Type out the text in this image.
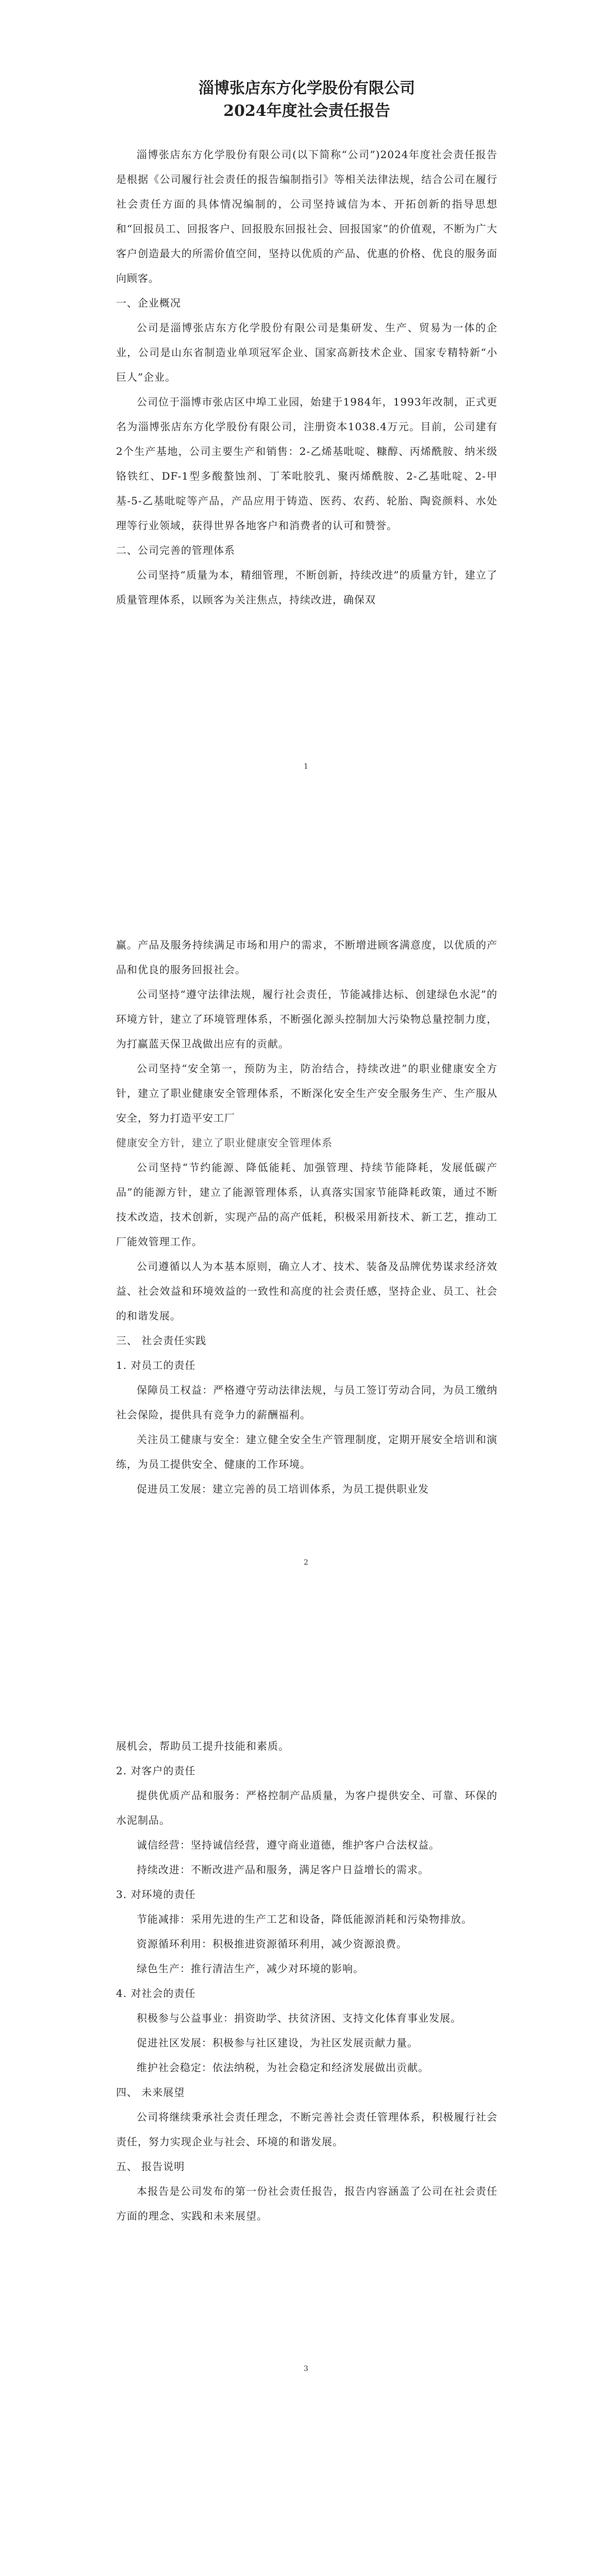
淄博张店东方化学股份有限公司

2024年度社会责任报告

淄博张店东方化学股份有限公司(以下简称“公司”)2024年度社会责任报告是根据《公司履行社会责任的报告编制指引》等相关法律法规，结合公司在履行社会责任方面的具体情况编制的，公司坚持诚信为本、开拓创新的指导思想和“回报员工、回报客户、回报股东回报社会、回报国家”的价值观，不断为广大客户创造最大的所需价值空间，坚持以优质的产品、优惠的价格、优良的服务面向顾客。

一、企业概况

公司是淄博张店东方化学股份有限公司是集研发、生产、贸易为一体的企业，公司是山东省制造业单项冠军企业、国家高新技术企业、国家专精特新“小巨人”企业。

公司位于淄博市张店区中埠工业园，始建于1984年，1993年改制，正式更名为淄博张店东方化学股份有限公司，注册资本1038.4万元。目前，公司建有2个生产基地，公司主要生产和销售：2-乙烯基吡啶、糠醇、丙烯酰胺、纳米级铬铁红、DF-1型多酸螯蚀剂、丁苯吡胶乳、聚丙烯酰胺、2-乙基吡啶、2-甲基-5-乙基吡啶等产品，产品应用于铸造、医药、农药、轮胎、陶瓷颜料、水处理等行业领域，获得世界各地客户和消费者的认可和赞誉。

二、公司完善的管理体系

公司坚持“质量为本，精细管理，不断创新，持续改进”的质量方针，建立了质量管理体系，以顾客为关注焦点，持续改进，确保双

1

赢。产品及服务持续满足市场和用户的需求，不断增进顾客满意度，以优质的产品和优良的服务回报社会。

公司坚持“遵守法律法规，履行社会责任，节能减排达标、创建绿色水泥”的环境方针，建立了环境管理体系，不断强化源头控制加大污染物总量控制力度，为打赢蓝天保卫战做出应有的贡献。

公司坚持“安全第一，预防为主，防治结合，持续改进”的职业健康安全方针，建立了职业健康安全管理体系，不断深化安全生产安全服务生产、生产服从安全，努力打造平安工厂

健康安全方针，建立了职业健康安全管理体系

公司坚持“节约能源、降低能耗、加强管理、持续节能降耗，发展低碳产品”的能源方针，建立了能源管理体系，认真落实国家节能降耗政策，通过不断技术改造，技术创新，实现产品的高产低耗，积极采用新技术、新工艺，推动工厂能效管理工作。

公司遵循以人为本基本原则，确立人才、技术、装备及品牌优势谋求经济效益、社会效益和环境效益的一致性和高度的社会责任感，坚持企业、员工、社会的和谐发展。

三、 社会责任实践

1. 对员工的责任

保障员工权益：严格遵守劳动法律法规，与员工签订劳动合同，为员工缴纳社会保险，提供具有竞争力的薪酬福利。

关注员工健康与安全：建立健全安全生产管理制度，定期开展安全培训和演练，为员工提供安全、健康的工作环境。

促进员工发展：建立完善的员工培训体系，为员工提供职业发

2

展机会，帮助员工提升技能和素质。

2. 对客户的责任

提供优质产品和服务：严格控制产品质量，为客户提供安全、可靠、环保的水泥制品。

诚信经营：坚持诚信经营，遵守商业道德，维护客户合法权益。

持续改进：不断改进产品和服务，满足客户日益增长的需求。

3. 对环境的责任

节能减排：采用先进的生产工艺和设备，降低能源消耗和污染物排放。

资源循环利用：积极推进资源循环利用，减少资源浪费。

绿色生产：推行清洁生产，减少对环境的影响。

4. 对社会的责任

积极参与公益事业：捐资助学、扶贫济困、支持文化体育事业发展。

促进社区发展：积极参与社区建设，为社区发展贡献力量。

维护社会稳定：依法纳税，为社会稳定和经济发展做出贡献。

四、 未来展望

公司将继续秉承社会责任理念，不断完善社会责任管理体系，积极履行社会责任，努力实现企业与社会、环境的和谐发展。

五、 报告说明

本报告是公司发布的第一份社会责任报告，报告内容涵盖了公司在社会责任方面的理念、实践和未来展望。

3
